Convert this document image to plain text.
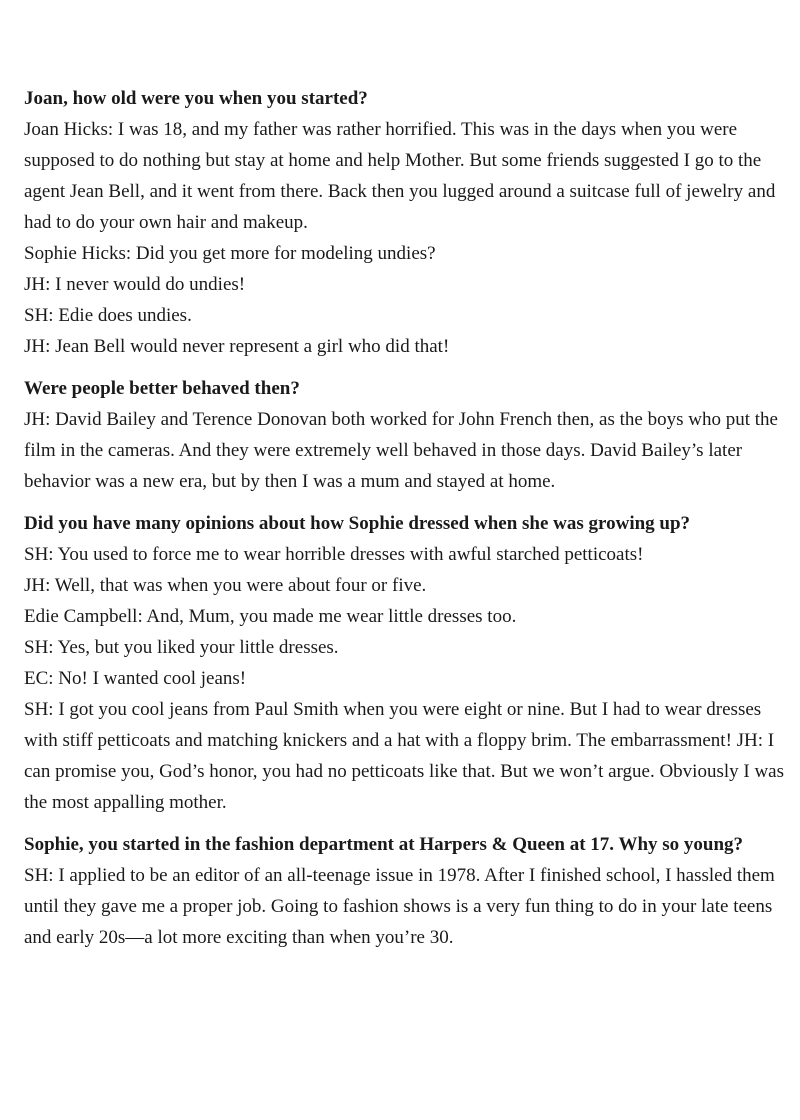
Joan, how old were you when you started?

Joan Hicks: I was 18, and my father was rather horrified. This was in the days when you were supposed to do nothing but stay at home and help Mother. But some friends suggested I go to the agent Jean Bell, and it went from there. Back then you lugged around a suitcase full of jewelry and had to do your own hair and makeup.

Sophie Hicks: Did you get more for modeling undies?

JH: I never would do undies!

SH: Edie does undies.

JH: Jean Bell would never represent a girl who did that!

Were people better behaved then?

JH: David Bailey and Terence Donovan both worked for John French then, as the boys who put the film in the cameras. And they were extremely well behaved in those days. David Bailey’s later behavior was a new era, but by then I was a mum and stayed at home.

Did you have many opinions about how Sophie dressed when she was growing up?

SH: You used to force me to wear horrible dresses with awful starched petticoats!

JH: Well, that was when you were about four or five.

Edie Campbell: And, Mum, you made me wear little dresses too.

SH: Yes, but you liked your little dresses.

EC: No! I wanted cool jeans!

SH: I got you cool jeans from Paul Smith when you were eight or nine. But I had to wear dresses with stiff petticoats and matching knickers and a hat with a floppy brim. The embarrassment! JH: I can promise you, God’s honor, you had no petticoats like that. But we won’t argue. Obviously I was the most appalling mother.

Sophie, you started in the fashion department at Harpers & Queen at 17. Why so young?

SH: I applied to be an editor of an all-teenage issue in 1978. After I finished school, I hassled them until they gave me a proper job. Going to fashion shows is a very fun thing to do in your late teens and early 20s—a lot more exciting than when you’re 30.
